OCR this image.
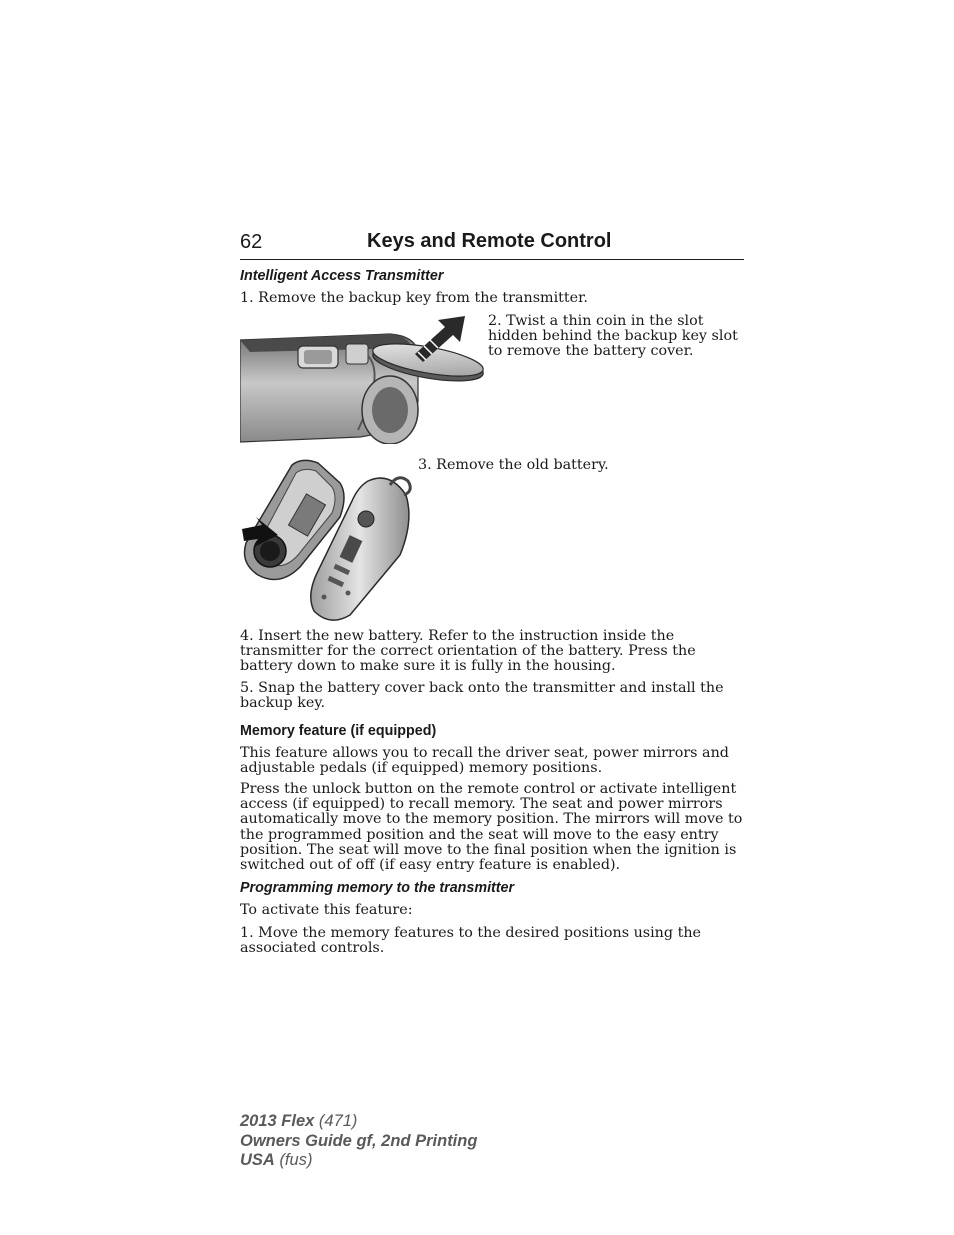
62	Keys and Remote Control
Intelligent Access Transmitter
1. Remove the backup key from the transmitter.
2. Twist a thin coin in the slot hidden behind the backup key slot to remove the battery cover.
3. Remove the old battery.
4. Insert the new battery. Refer to the instruction inside the transmitter for the correct orientation of the battery. Press the battery down to make sure it is fully in the housing.
5. Snap the battery cover back onto the transmitter and install the backup key.
Memory feature (if equipped)
This feature allows you to recall the driver seat, power mirrors and adjustable pedals (if equipped) memory positions.
Press the unlock button on the remote control or activate intelligent access (if equipped) to recall memory. The seat and power mirrors automatically move to the memory position. The mirrors will move to the programmed position and the seat will move to the easy entry position. The seat will move to the final position when the ignition is switched out of off (if easy entry feature is enabled).
Programming memory to the transmitter
To activate this feature:
1. Move the memory features to the desired positions using the associated controls.
2013 Flex (471)
Owners Guide gf, 2nd Printing
USA (fus)
